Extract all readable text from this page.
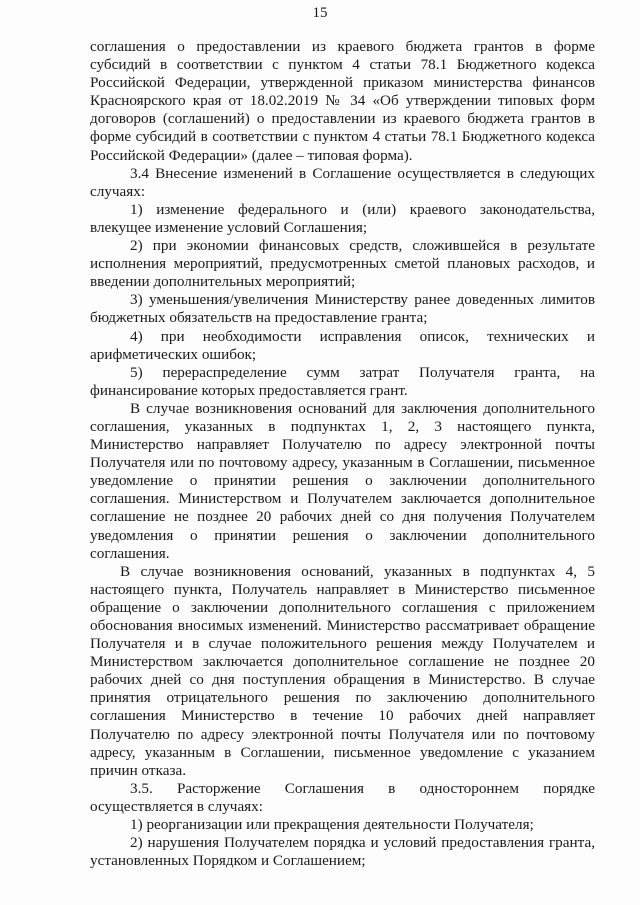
15

соглашения о предоставлении из краевого бюджета грантов в форме субсидий в соответствии с пунктом 4 статьи 78.1 Бюджетного кодекса Российской Федерации, утвержденной приказом министерства финансов Красноярского края от 18.02.2019 № 34 «Об утверждении типовых форм договоров (соглашений) о предоставлении из краевого бюджета грантов в форме субсидий в соответствии с пунктом 4 статьи 78.1 Бюджетного кодекса Российской Федерации» (далее – типовая форма).

3.4 Внесение изменений в Соглашение осуществляется в следующих случаях:

1) изменение федерального и (или) краевого законодательства, влекущее изменение условий Соглашения;

2) при экономии финансовых средств, сложившейся в результате исполнения мероприятий, предусмотренных сметой плановых расходов, и введении дополнительных мероприятий;

3) уменьшения/увеличения Министерству ранее доведенных лимитов бюджетных обязательств на предоставление гранта;

4) при необходимости исправления описок, технических и арифметических ошибок;

5) перераспределение сумм затрат Получателя гранта, на финансирование которых предоставляется грант.

В случае возникновения оснований для заключения дополнительного соглашения, указанных в подпунктах 1, 2, 3 настоящего пункта, Министерство направляет Получателю по адресу электронной почты Получателя или по почтовому адресу, указанным в Соглашении, письменное уведомление о принятии решения о заключении дополнительного соглашения. Министерством и Получателем заключается дополнительное соглашение не позднее 20 рабочих дней со дня получения Получателем уведомления о принятии решения о заключении дополнительного соглашения.

В случае возникновения оснований, указанных в подпунктах 4, 5 настоящего пункта, Получатель направляет в Министерство письменное обращение о заключении дополнительного соглашения с приложением обоснования вносимых изменений. Министерство рассматривает обращение Получателя и в случае положительного решения между Получателем и Министерством заключается дополнительное соглашение не позднее 20 рабочих дней со дня поступления обращения в Министерство. В случае принятия отрицательного решения по заключению дополнительного соглашения Министерство в течение 10 рабочих дней направляет Получателю по адресу электронной почты Получателя или по почтовому адресу, указанным в Соглашении, письменное уведомление с указанием причин отказа.

3.5. Расторжение Соглашения в одностороннем порядке осуществляется в случаях:

1) реорганизации или прекращения деятельности Получателя;

2) нарушения Получателем порядка и условий предоставления гранта, установленных Порядком и Соглашением;
